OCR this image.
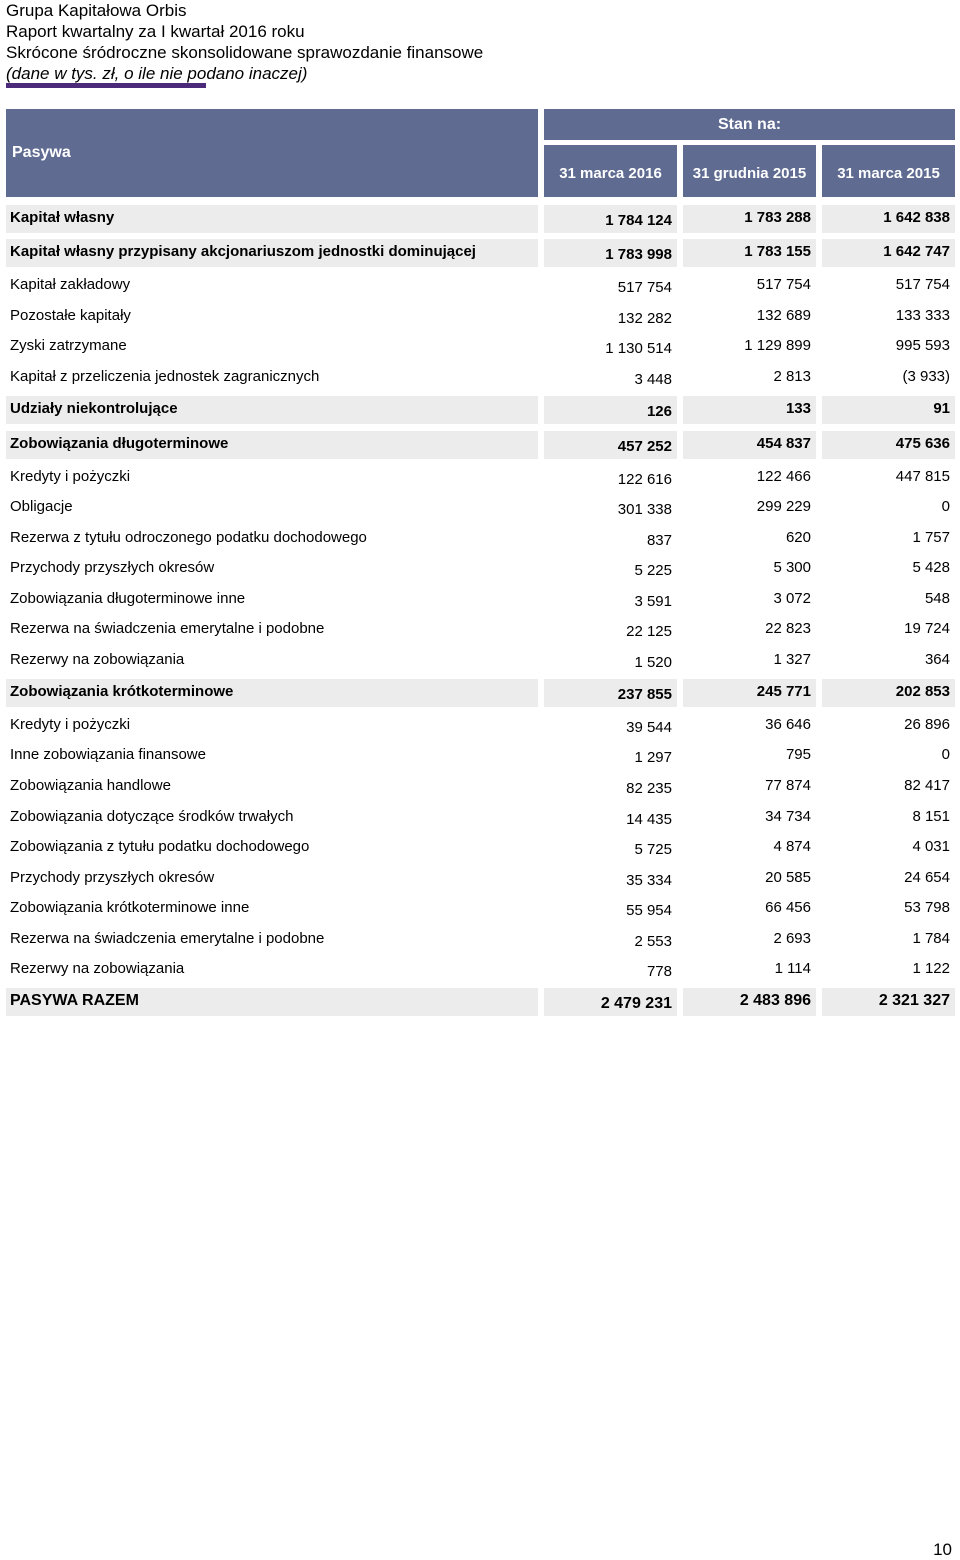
Grupa Kapitałowa Orbis
Raport kwartalny za I kwartał 2016 roku
Skrócone śródroczne skonsolidowane sprawozdanie finansowe
(dane w tys. zł, o ile nie podano inaczej)
Pasywa
Stan na:
31 marca 2016	31 grudnia 2015	31 marca 2015
Kapitał własny	1 784 124	1 783 288	1 642 838
Kapitał własny przypisany akcjonariuszom jednostki dominującej	1 783 998	1 783 155	1 642 747
Kapitał zakładowy	517 754	517 754	517 754
Pozostałe kapitały	132 282	132 689	133 333
Zyski zatrzymane	1 130 514	1 129 899	995 593
Kapitał z przeliczenia jednostek zagranicznych	3 448	2 813	(3 933)
Udziały niekontrolujące	126	133	91
Zobowiązania długoterminowe	457 252	454 837	475 636
Kredyty i pożyczki	122 616	122 466	447 815
Obligacje	301 338	299 229	0
Rezerwa z tytułu odroczonego podatku dochodowego	837	620	1 757
Przychody przyszłych okresów	5 225	5 300	5 428
Zobowiązania długoterminowe inne	3 591	3 072	548
Rezerwa na świadczenia emerytalne i podobne	22 125	22 823	19 724
Rezerwy na zobowiązania	1 520	1 327	364
Zobowiązania krótkoterminowe	237 855	245 771	202 853
Kredyty i pożyczki	39 544	36 646	26 896
Inne zobowiązania finansowe	1 297	795	0
Zobowiązania handlowe	82 235	77 874	82 417
Zobowiązania dotyczące środków trwałych	14 435	34 734	8 151
Zobowiązania z tytułu podatku dochodowego	5 725	4 874	4 031
Przychody przyszłych okresów	35 334	20 585	24 654
Zobowiązania krótkoterminowe inne	55 954	66 456	53 798
Rezerwa na świadczenia emerytalne i podobne	2 553	2 693	1 784
Rezerwy na zobowiązania	778	1 114	1 122
PASYWA RAZEM	2 479 231	2 483 896	2 321 327
10
